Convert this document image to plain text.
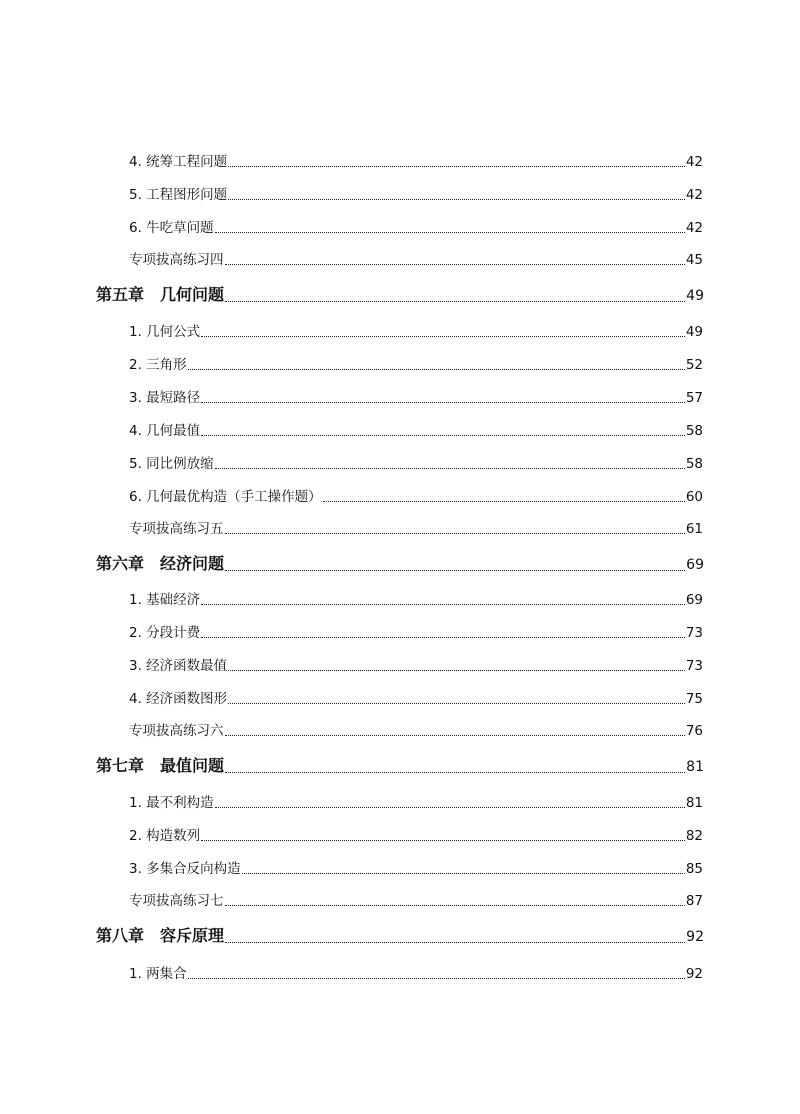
4. 统筹工程问题	42
5. 工程图形问题	42
6. 牛吃草问题	42
专项拔高练习四	45
第五章　几何问题	49
1. 几何公式	49
2. 三角形	52
3. 最短路径	57
4. 几何最值	58
5. 同比例放缩	58
6. 几何最优构造（手工操作题）	60
专项拔高练习五	61
第六章　经济问题	69
1. 基础经济	69
2. 分段计费	73
3. 经济函数最值	73
4. 经济函数图形	75
专项拔高练习六	76
第七章　最值问题	81
1. 最不利构造	81
2. 构造数列	82
3. 多集合反向构造	85
专项拔高练习七	87
第八章　容斥原理	92
1. 两集合	92
